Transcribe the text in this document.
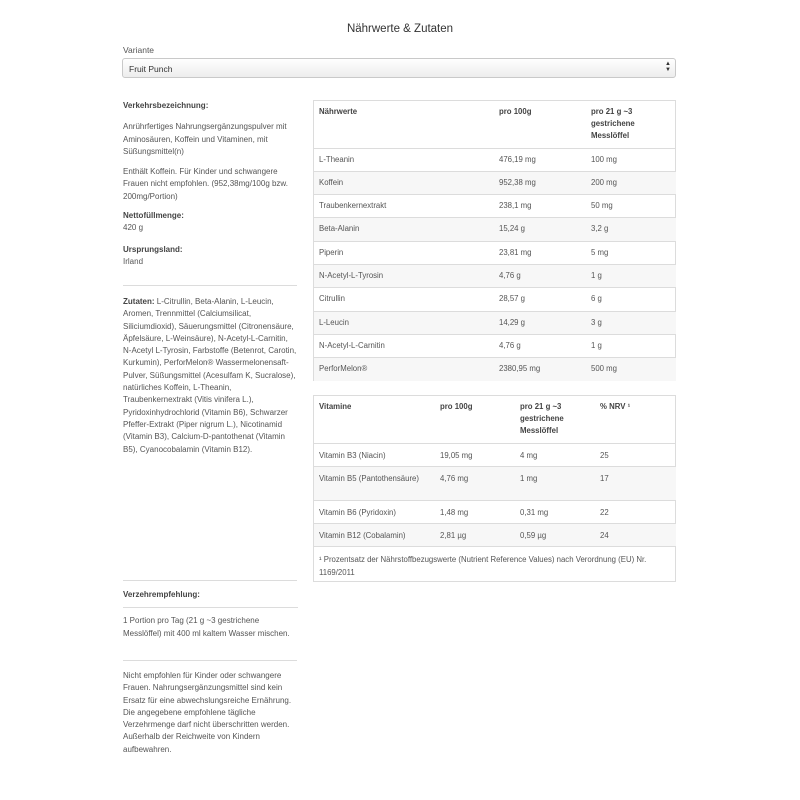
Nährwerte & Zutaten
Variante
Fruit Punch	▲
▼
Verkehrsbezeichnung:
Anrührfertiges Nahrungsergänzungspulver mit Aminosäuren, Koffein und Vitaminen, mit Süßungsmittel(n)
Enthält Koffein. Für Kinder und schwangere Frauen nicht empfohlen. (952,38mg/100g bzw. 200mg/Portion)
Nettofüllmenge:
420 g
Ursprungsland:
Irland
Zutaten: L-Citrullin, Beta-Alanin, L-Leucin, Aromen, Trennmittel (Calciumsilicat, Siliciumdioxid), Säuerungsmittel (Citronensäure, Äpfelsäure, L-Weinsäure), N-Acetyl-L-Carnitin, N-Acetyl L-Tyrosin, Farbstoffe (Betenrot, Carotin, Kurkumin), PerforMelon® Wassermelonensaft-Pulver, Süßungsmittel (Acesulfam K, Sucralose), natürliches Koffein, L-Theanin, Traubenkernextrakt (Vitis vinifera L.), Pyridoxinhydrochlorid (Vitamin B6), Schwarzer Pfeffer-Extrakt (Piper nigrum L.), Nicotinamid (Vitamin B3), Calcium-D-pantothenat (Vitamin B5), Cyanocobalamin (Vitamin B12).
Verzehrempfehlung:
1 Portion pro Tag (21 g ~3 gestrichene Messlöffel) mit 400 ml kaltem Wasser mischen.
Nicht empfohlen für Kinder oder schwangere Frauen. Nahrungsergänzungsmittel sind kein Ersatz für eine abwechslungsreiche Ernährung. Die angegebene empfohlene tägliche Verzehrmenge darf nicht überschritten werden. Außerhalb der Reichweite von Kindern aufbewahren.
Nährwerte	pro 100g	pro 21 g ~3 gestrichene Messlöffel
L-Theanin	476,19 mg	100 mg
Koffein	952,38 mg	200 mg
Traubenkernextrakt	238,1 mg	50 mg
Beta-Alanin	15,24 g	3,2 g
Piperin	23,81 mg	5 mg
N-Acetyl-L-Tyrosin	4,76 g	1 g
Citrullin	28,57 g	6 g
L-Leucin	14,29 g	3 g
N-Acetyl-L-Carnitin	4,76 g	1 g
PerforMelon®	2380,95 mg	500 mg
Vitamine	pro 100g	pro 21 g ~3 gestrichene Messlöffel	% NRV ¹
Vitamin B3 (Niacin)	19,05 mg	4 mg	25
Vitamin B5 (Pantothensäure)	4,76 mg	1 mg	17
Vitamin B6 (Pyridoxin)	1,48 mg	0,31 mg	22
Vitamin B12 (Cobalamin)	2,81 µg	0,59 µg	24
¹ Prozentsatz der Nährstoffbezugswerte (Nutrient Reference Values) nach Verordnung (EU) Nr. 1169/2011			
